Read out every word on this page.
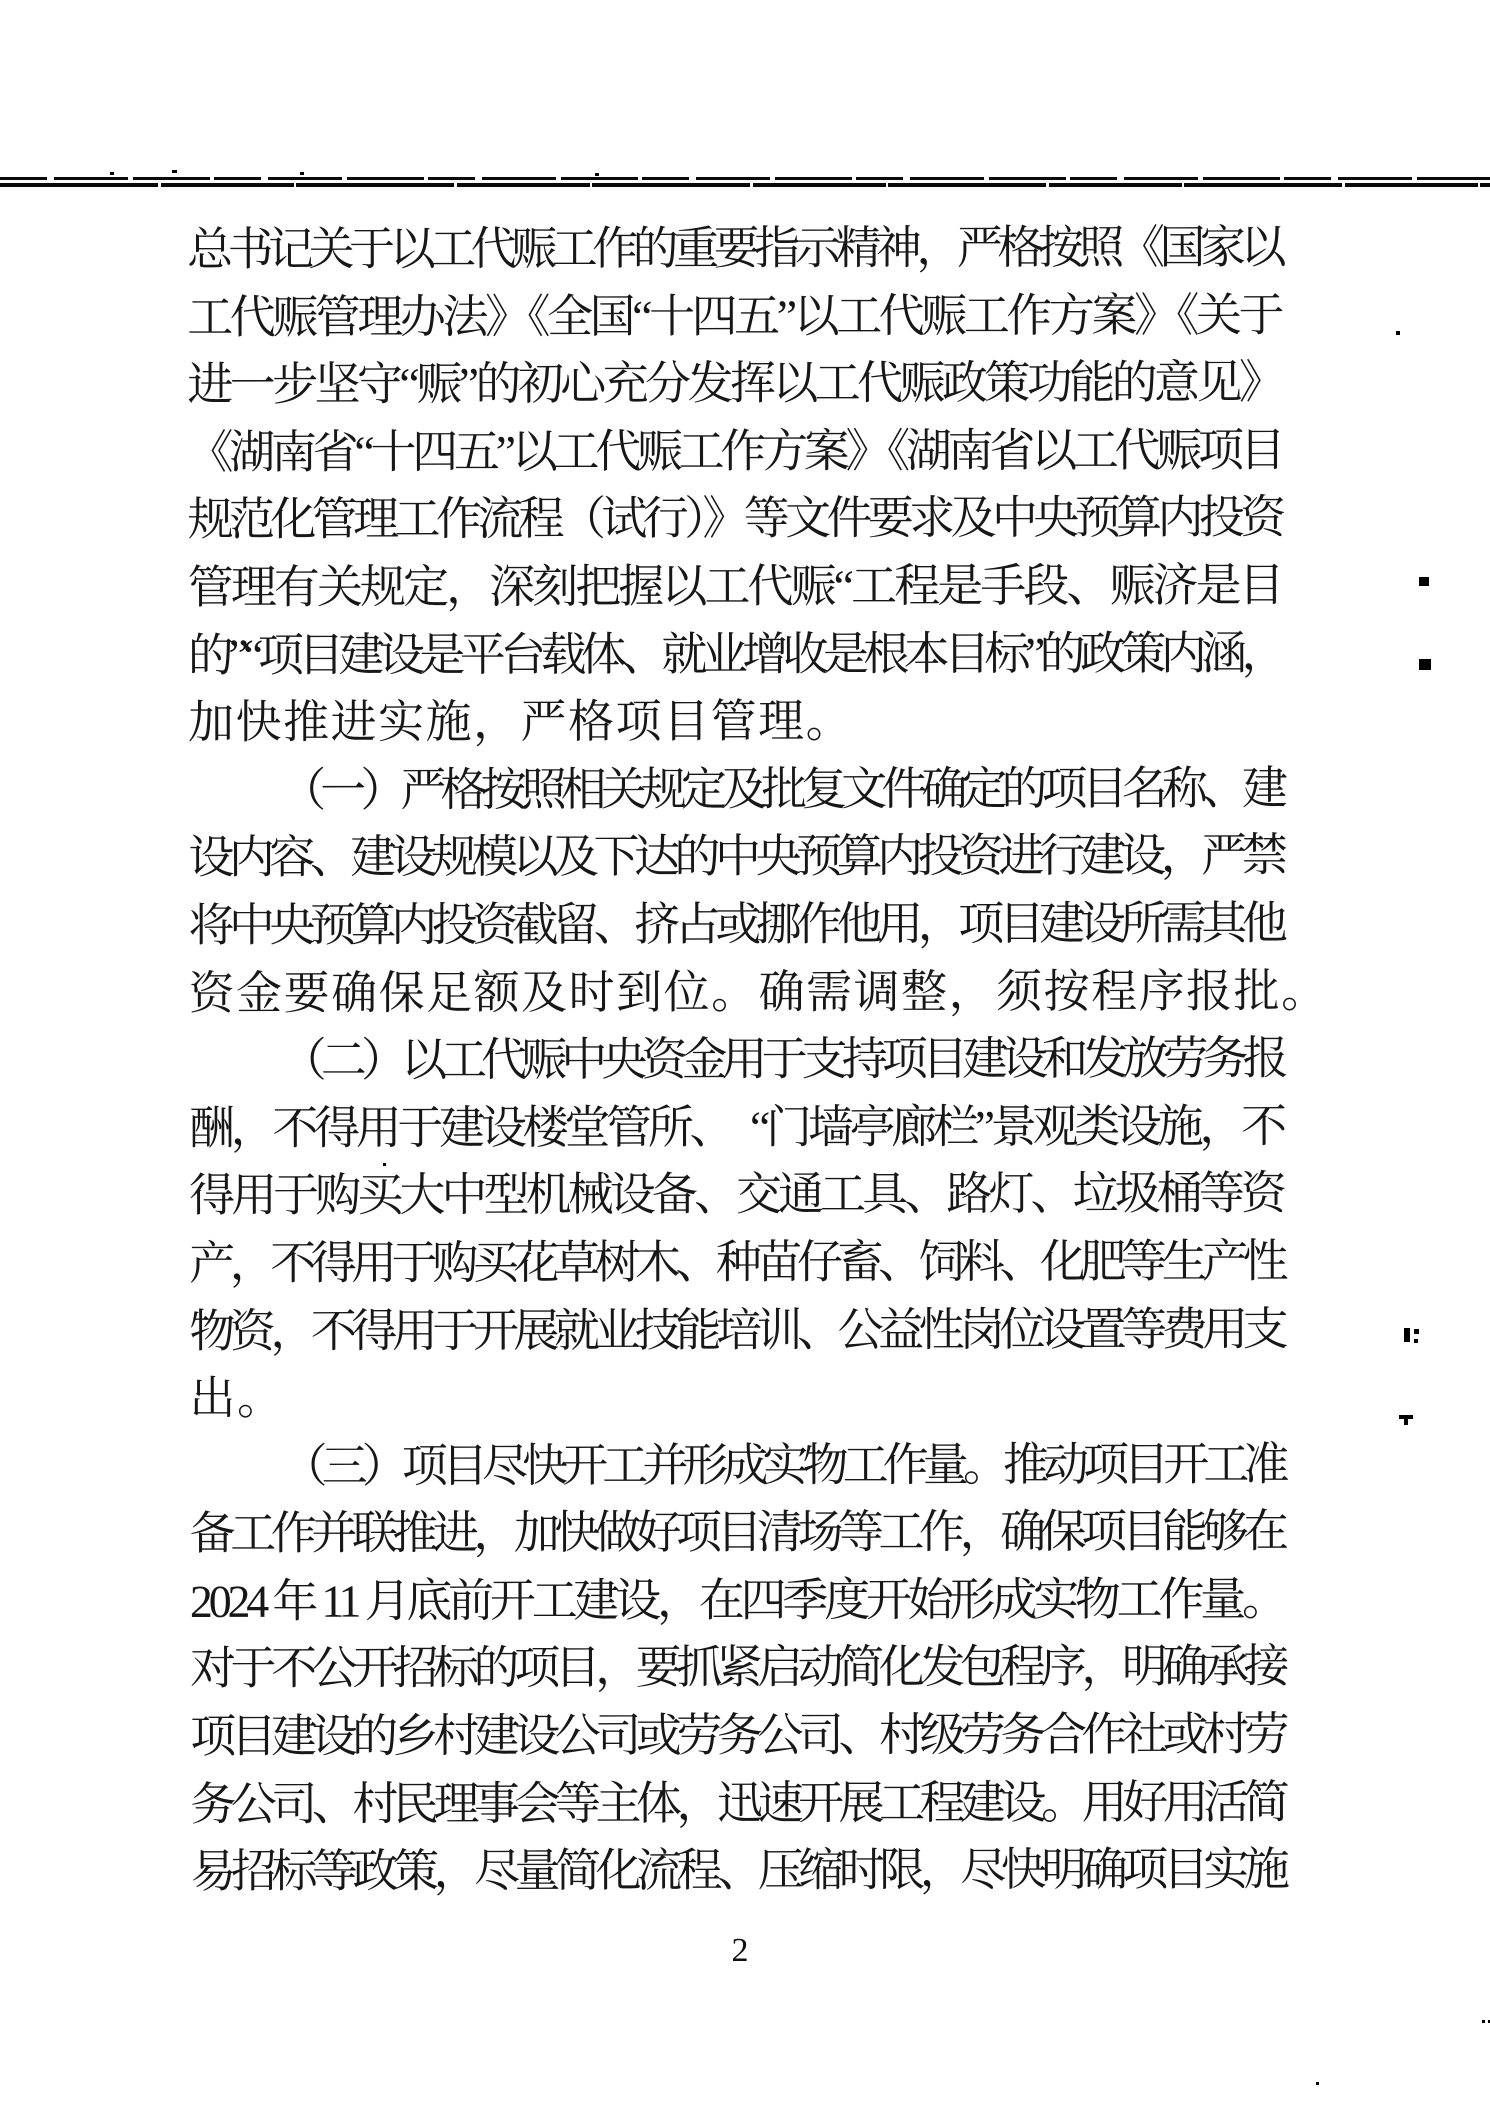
总书记关于以工代赈工作的重要指示精神，严格按照《国家以
工代赈管理办法》《全国“十四五”以工代赈工作方案》《关于
进一步坚守“赈”的初心充分发挥以工代赈政策功能的意见》
《湖南省“十四五”以工代赈工作方案》《湖南省以工代赈项目
规范化管理工作流程（试行）》等文件要求及中央预算内投资
管理有关规定，深刻把握以工代赈“工程是手段、赈济是目
的”“项目建设是平台载体、就业增收是根本目标”的政策内涵，
加快推进实施，严格项目管理。
（一）严格按照相关规定及批复文件确定的项目名称、建
设内容、建设规模以及下达的中央预算内投资进行建设，严禁
将中央预算内投资截留、挤占或挪作他用，项目建设所需其他
资金要确保足额及时到位。确需调整，须按程序报批。
（二）以工代赈中央资金用于支持项目建设和发放劳务报
酬，不得用于建设楼堂管所、　“门墙亭廊栏”景观类设施，不
得用于购买大中型机械设备、交通工具、路灯、垃圾桶等资
产，不得用于购买花草树木、种苗仔畜、饲料、化肥等生产性
物资，不得用于开展就业技能培训、公益性岗位设置等费用支
出。
（三）项目尽快开工并形成实物工作量。推动项目开工准
备工作并联推进，加快做好项目清场等工作，确保项目能够在
2024 年 11 月底前开工建设，在四季度开始形成实物工作量。
对于不公开招标的项目，要抓紧启动简化发包程序，明确承接
项目建设的乡村建设公司或劳务公司、村级劳务合作社或村劳
务公司、村民理事会等主体，迅速开展工程建设。用好用活简
易招标等政策，尽量简化流程、压缩时限，尽快明确项目实施
2
